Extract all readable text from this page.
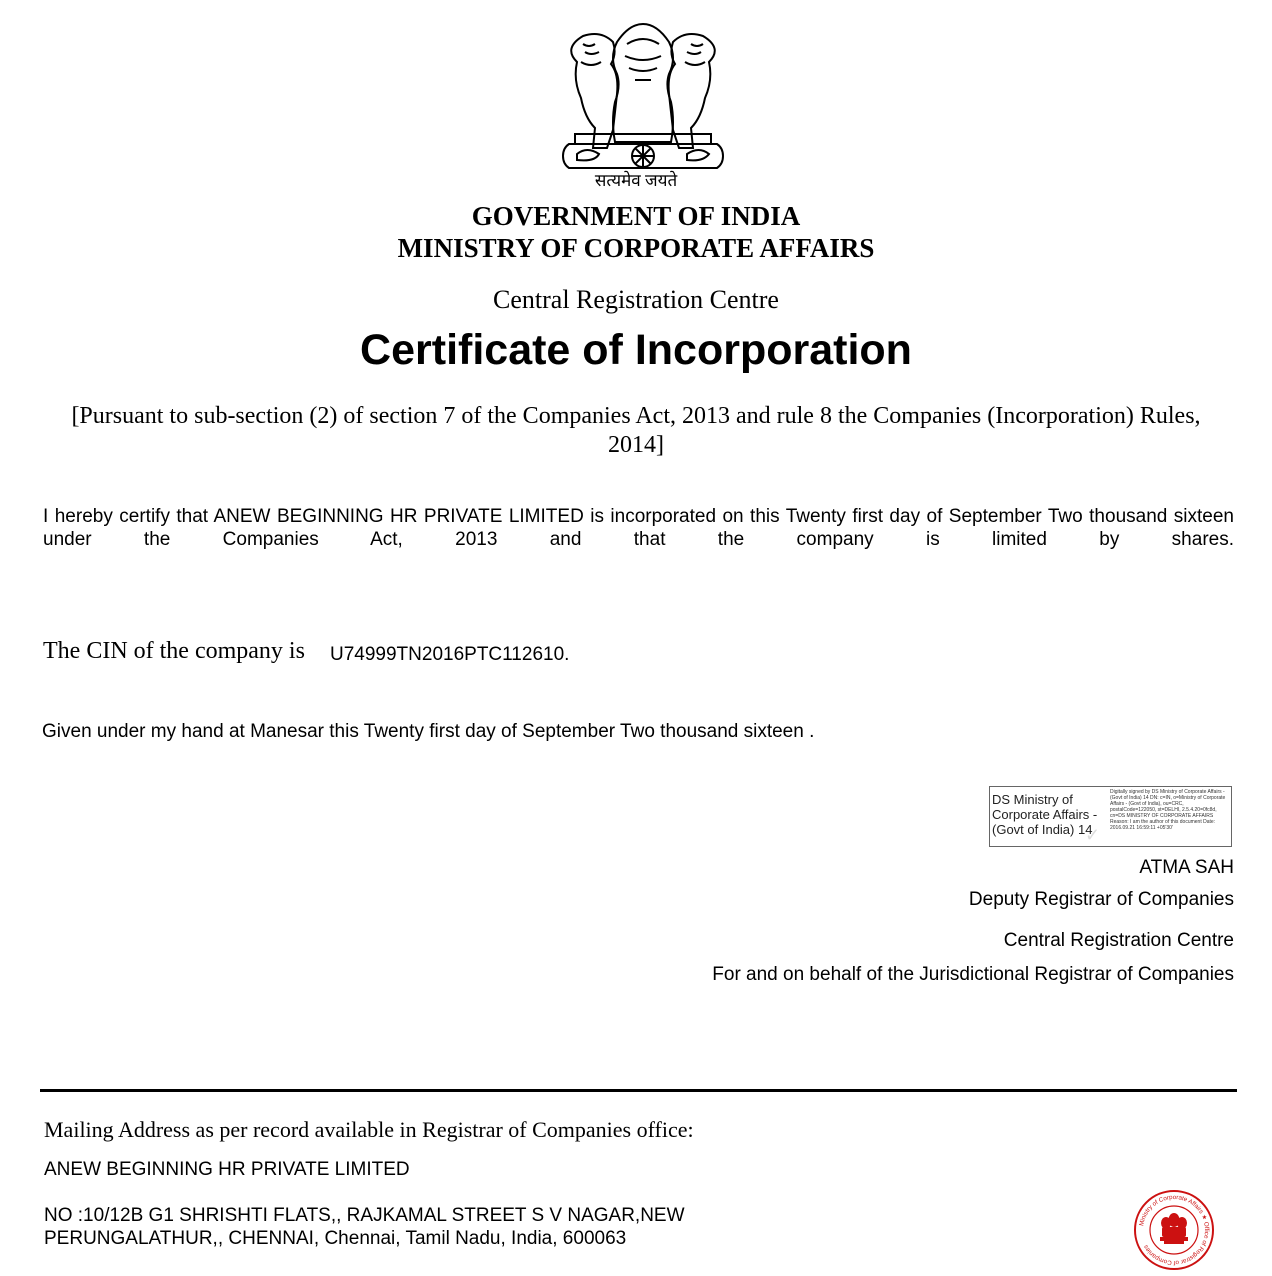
सत्यमेव जयते
GOVERNMENT OF INDIA
MINISTRY OF CORPORATE AFFAIRS
Central Registration Centre
Certificate of Incorporation
[Pursuant to sub-section (2) of section 7 of the Companies Act, 2013 and rule 8 the Companies (Incorporation) Rules, 2014]
I hereby certify that ANEW BEGINNING HR PRIVATE LIMITED is incorporated on this Twenty first day of September Two thousand sixteen under the Companies Act, 2013 and that the company is limited by shares.
The CIN of the company is U74999TN2016PTC112610.
Given under my hand at Manesar this Twenty first day of September Two thousand sixteen .
DS Ministry of Corporate Affairs - (Govt of India) 14
Digitally signed by DS Ministry of Corporate Affairs - (Govt of India) 14 DN: c=IN, o=Ministry of Corporate Affairs - (Govt of India), ou=CRC, postalCode=122050, st=DELHI, 2.5.4.20=0fc8d, cn=DS MINISTRY OF CORPORATE AFFAIRS Reason: I am the author of this document Date: 2016.09.21 16:59:11 +05'30'
✓
ATMA SAH
Deputy Registrar of Companies
Central Registration Centre
For and on behalf of the Jurisdictional Registrar of Companies
Mailing Address as per record available in Registrar of Companies office:
ANEW BEGINNING HR PRIVATE LIMITED
NO :10/12B G1 SHRISHTI FLATS,, RAJKAMAL STREET S V NAGAR,NEW PERUNGALATHUR,, CHENNAI, Chennai, Tamil Nadu, India, 600063
Ministry of Corporate Affairs ★ Office of Registrar of Companies
